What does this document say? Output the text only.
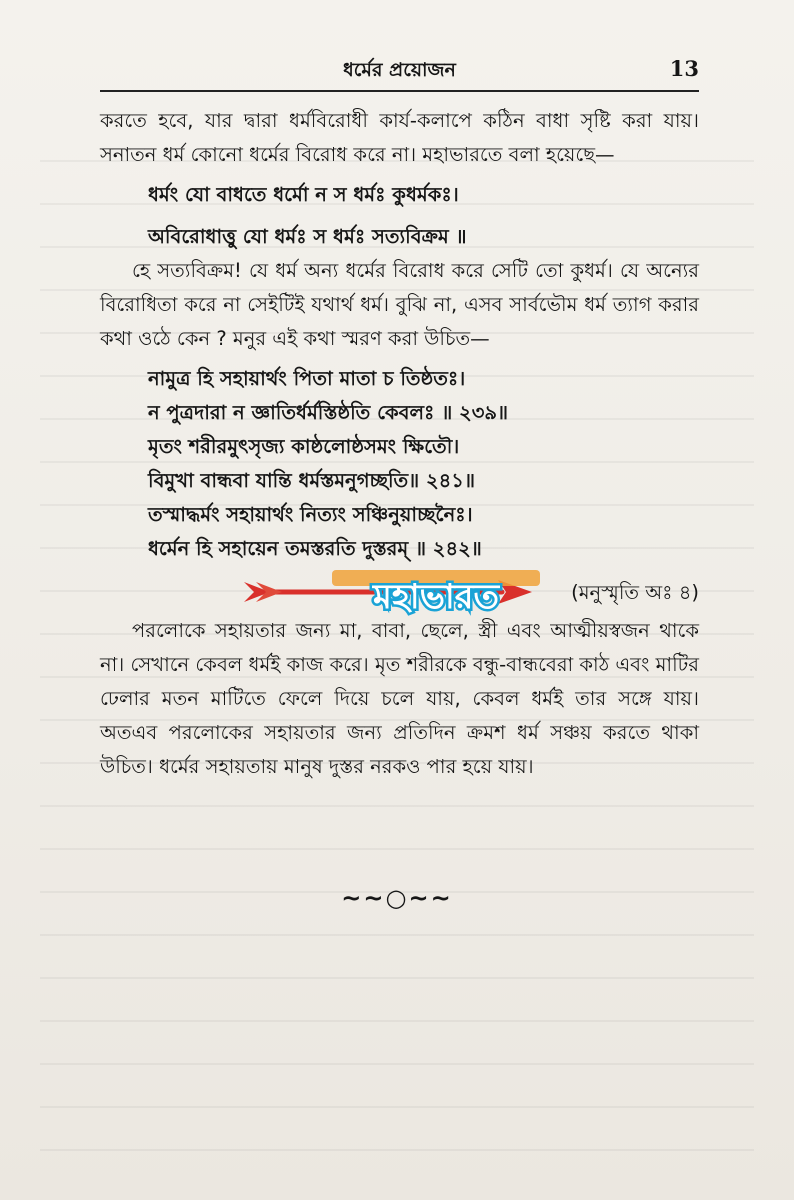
ধর্মের প্রয়োজন	13

করতে হবে, যার দ্বারা ধর্মবিরোধী কার্য-কলাপে কঠিন বাধা সৃষ্টি করা যায়। সনাতন ধর্ম কোনো ধর্মের বিরোধ করে না। মহাভারতে বলা হয়েছে—

ধর্মং যো বাধতে ধর্মো ন স ধর্মঃ কুধর্মকঃ।
অবিরোধাত্তু যো ধর্মঃ স ধর্মঃ সত্যবিক্রম ॥

হে সত্যবিক্রম! যে ধর্ম অন্য ধর্মের বিরোধ করে সেটি তো কুধর্ম। যে অন্যের বিরোধিতা করে না সেইটিই যথার্থ ধর্ম। বুঝি না, এসব সার্বভৌম ধর্ম ত্যাগ করার কথা ওঠে কেন ? মনুর এই কথা স্মরণ করা উচিত—

নামুত্র হি সহায়ার্থং পিতা মাতা চ তিষ্ঠতঃ।
ন পুত্রদারা ন জ্ঞাতির্ধর্মস্তিষ্ঠতি কেবলঃ ॥ ২৩৯॥
মৃতং শরীরমুৎসৃজ্য কাষ্ঠলোষ্ঠসমং ক্ষিতৌ।
বিমুখা বান্ধবা যান্তি ধর্মস্তমনুগচ্ছতি॥ ২৪১॥
তস্মাদ্ধর্মং সহায়ার্থং নিত্যং সঞ্চিনুয়াচ্ছনৈঃ।
ধর্মেন হি সহায়েন তমস্তরতি দুস্তরম্ ॥ ২৪২॥
মহাভারত	(মনুস্মৃতি অঃ ৪)

পরলোকে সহায়তার জন্য মা, বাবা, ছেলে, স্ত্রী এবং আত্মীয়স্বজন থাকে না। সেখানে কেবল ধর্মই কাজ করে। মৃত শরীরকে বন্ধু-বান্ধবেরা কাঠ এবং মাটির ঢেলার মতন মাটিতে ফেলে দিয়ে চলে যায়, কেবল ধর্মই তার সঙ্গে যায়। অতএব পরলোকের সহায়তার জন্য প্রতিদিন ক্রমশ ধর্ম সঞ্চয় করতে থাকা উচিত। ধর্মের সহায়তায় মানুষ দুস্তর নরকও পার হয়ে যায়।

~~○~~
